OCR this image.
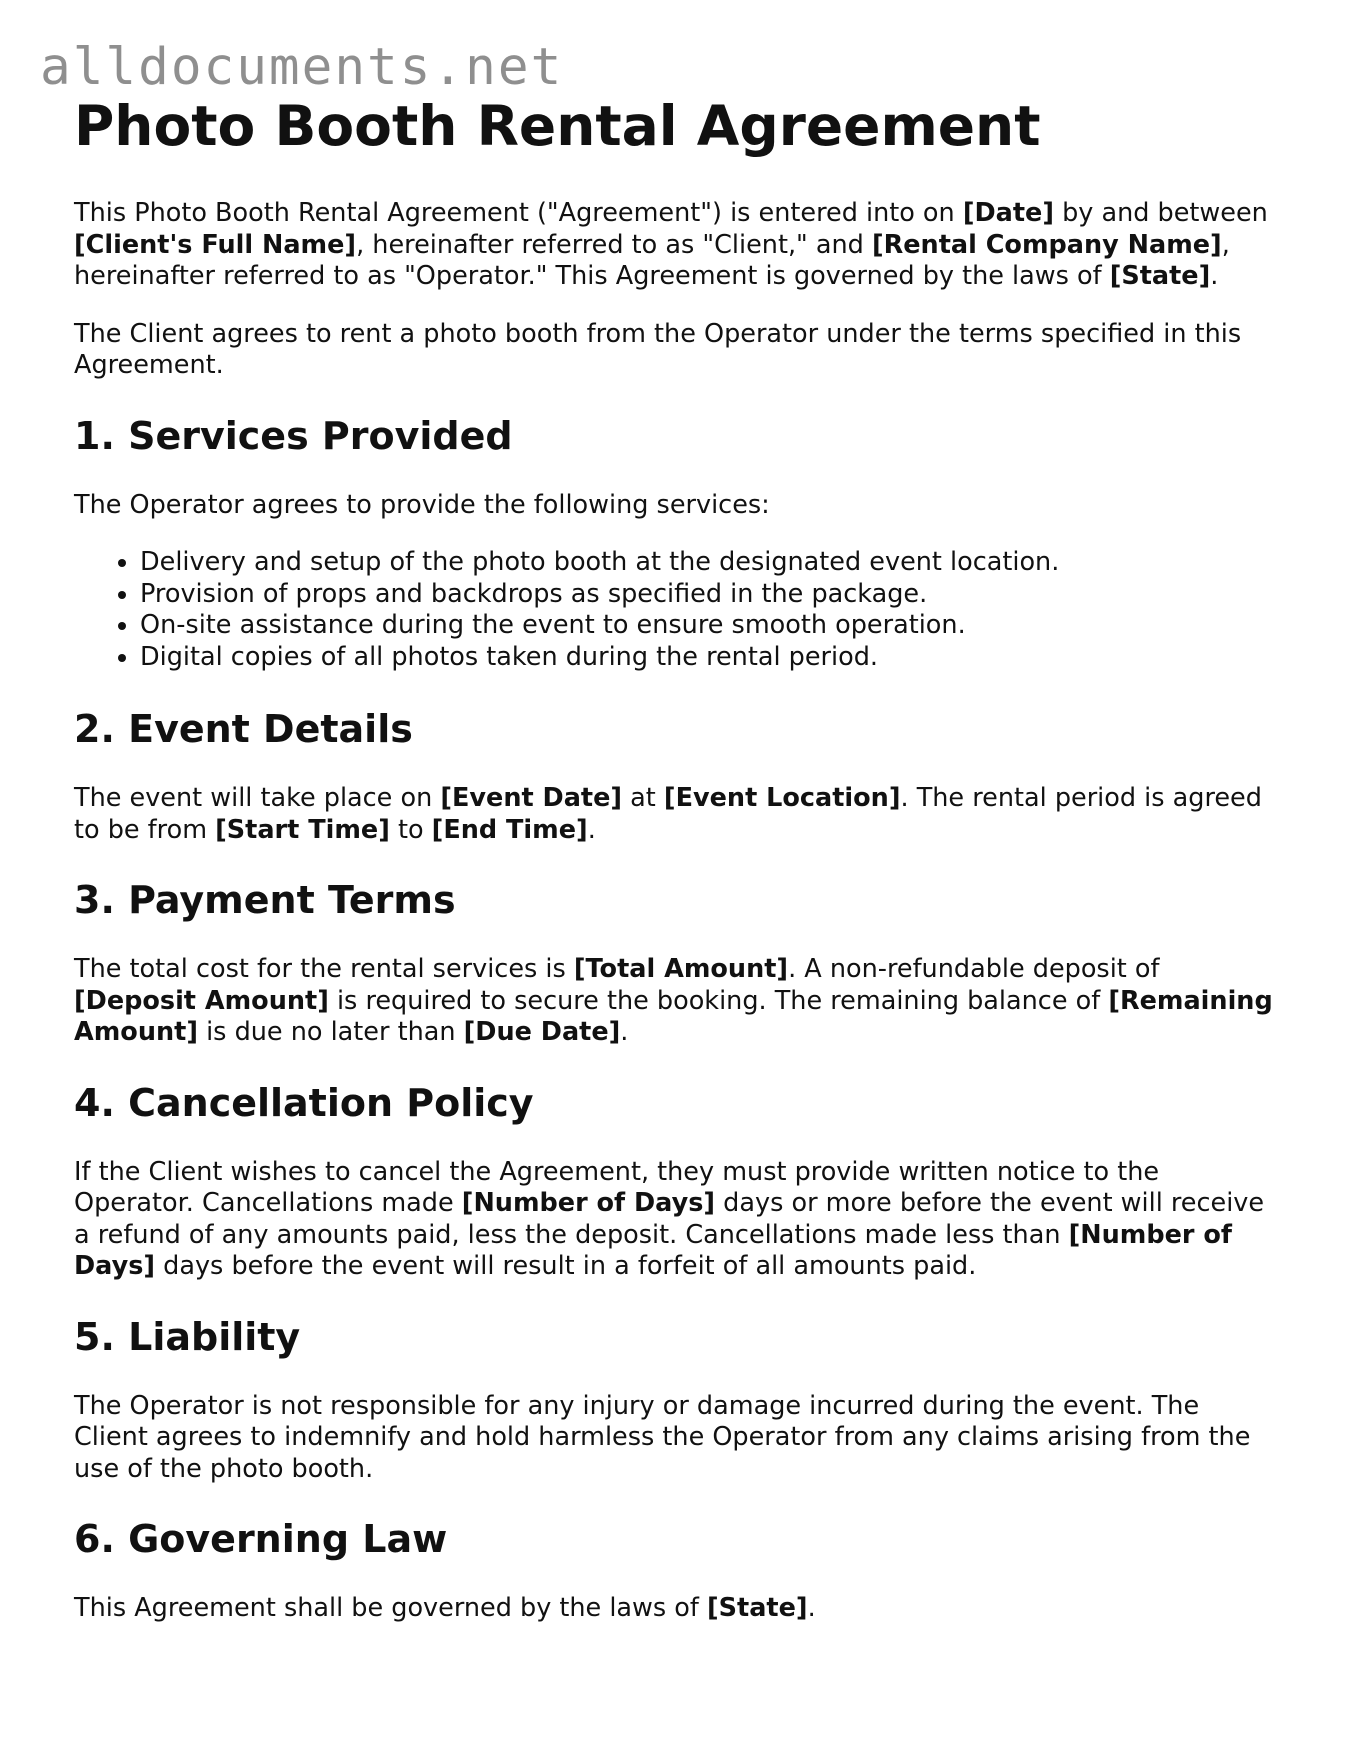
alldocuments.net
Photo Booth Rental Agreement

This Photo Booth Rental Agreement ("Agreement") is entered into on [Date] by and between [Client's Full Name], hereinafter referred to as "Client," and [Rental Company Name], hereinafter referred to as "Operator." This Agreement is governed by the laws of [State].

The Client agrees to rent a photo booth from the Operator under the terms specified in this Agreement.

1. Services Provided

The Operator agrees to provide the following services:

• Delivery and setup of the photo booth at the designated event location.
• Provision of props and backdrops as specified in the package.
• On-site assistance during the event to ensure smooth operation.
• Digital copies of all photos taken during the rental period.
2. Event Details

The event will take place on [Event Date] at [Event Location]. The rental period is agreed to be from [Start Time] to [End Time].

3. Payment Terms

The total cost for the rental services is [Total Amount]. A non-refundable deposit of [Deposit Amount] is required to secure the booking. The remaining balance of [Remaining Amount] is due no later than [Due Date].

4. Cancellation Policy

If the Client wishes to cancel the Agreement, they must provide written notice to the Operator. Cancellations made [Number of Days] days or more before the event will receive a refund of any amounts paid, less the deposit. Cancellations made less than [Number of Days] days before the event will result in a forfeit of all amounts paid.

5. Liability

The Operator is not responsible for any injury or damage incurred during the event. The Client agrees to indemnify and hold harmless the Operator from any claims arising from the use of the photo booth.

6. Governing Law

This Agreement shall be governed by the laws of [State].
